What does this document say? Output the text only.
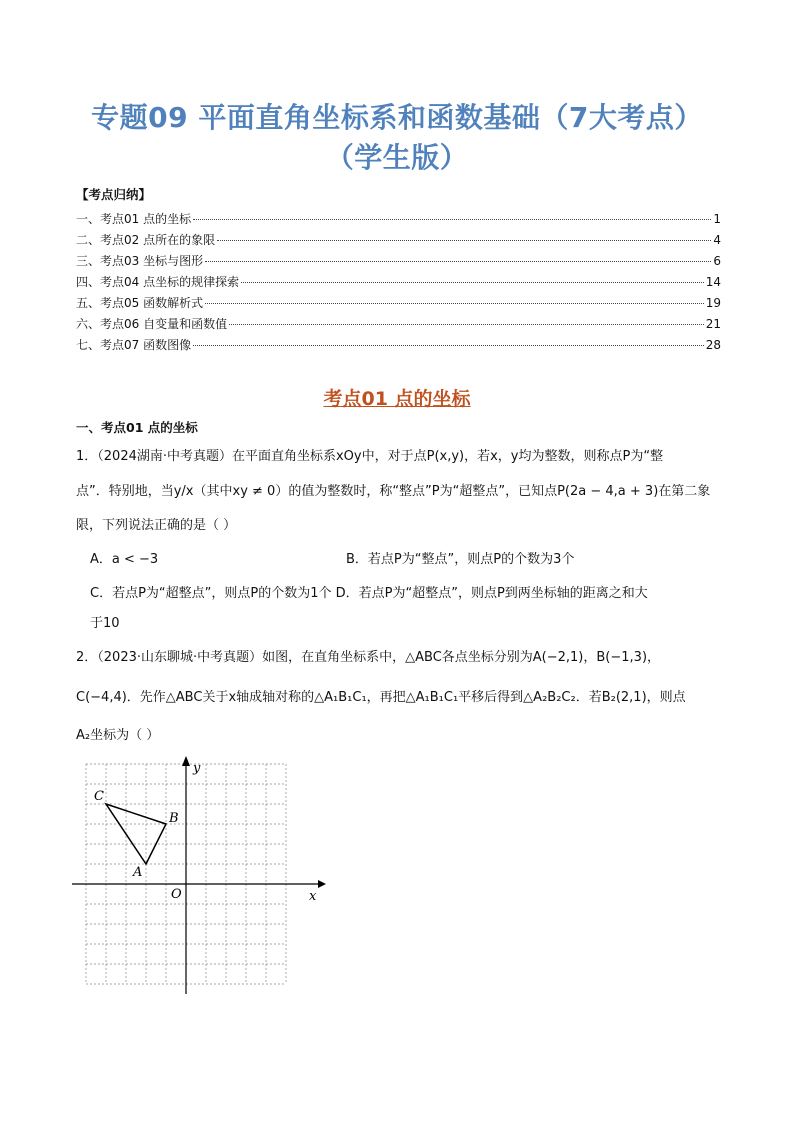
专题09 平面直角坐标系和函数基础（7大考点）
（学生版）
【考点归纳】
一、考点01 点的坐标	1
二、考点02 点所在的象限	4
三、考点03 坐标与图形	6
四、考点04 点坐标的规律探索	14
五、考点05 函数解析式	19
六、考点06 自变量和函数值	21
七、考点07 函数图像	28
考点01 点的坐标
一、考点01 点的坐标
1．（2024湖南·中考真题）在平面直角坐标系xOy中，对于点P(x,y)，若x，y均为整数，则称点P为“整
点”．特别地，当y/x（其中xy ≠ 0）的值为整数时，称“整点”P为“超整点”，已知点P(2a − 4,a + 3)在第二象
限，下列说法正确的是（ ）
A．a < −3	B．若点P为“整点”，则点P的个数为3个
C．若点P为“超整点”，则点P的个数为1个 D．若点P为“超整点”，则点P到两坐标轴的距离之和大
于10
2．（2023·山东聊城·中考真题）如图，在直角坐标系中，△ABC各点坐标分别为A(−2,1)，B(−1,3)，
C(−4,4)．先作△ABC关于x轴成轴对称的△A₁B₁C₁，再把△A₁B₁C₁平移后得到△A₂B₂C₂．若B₂(2,1)，则点
A₂坐标为（ ）
x
y
O
A
B
C
